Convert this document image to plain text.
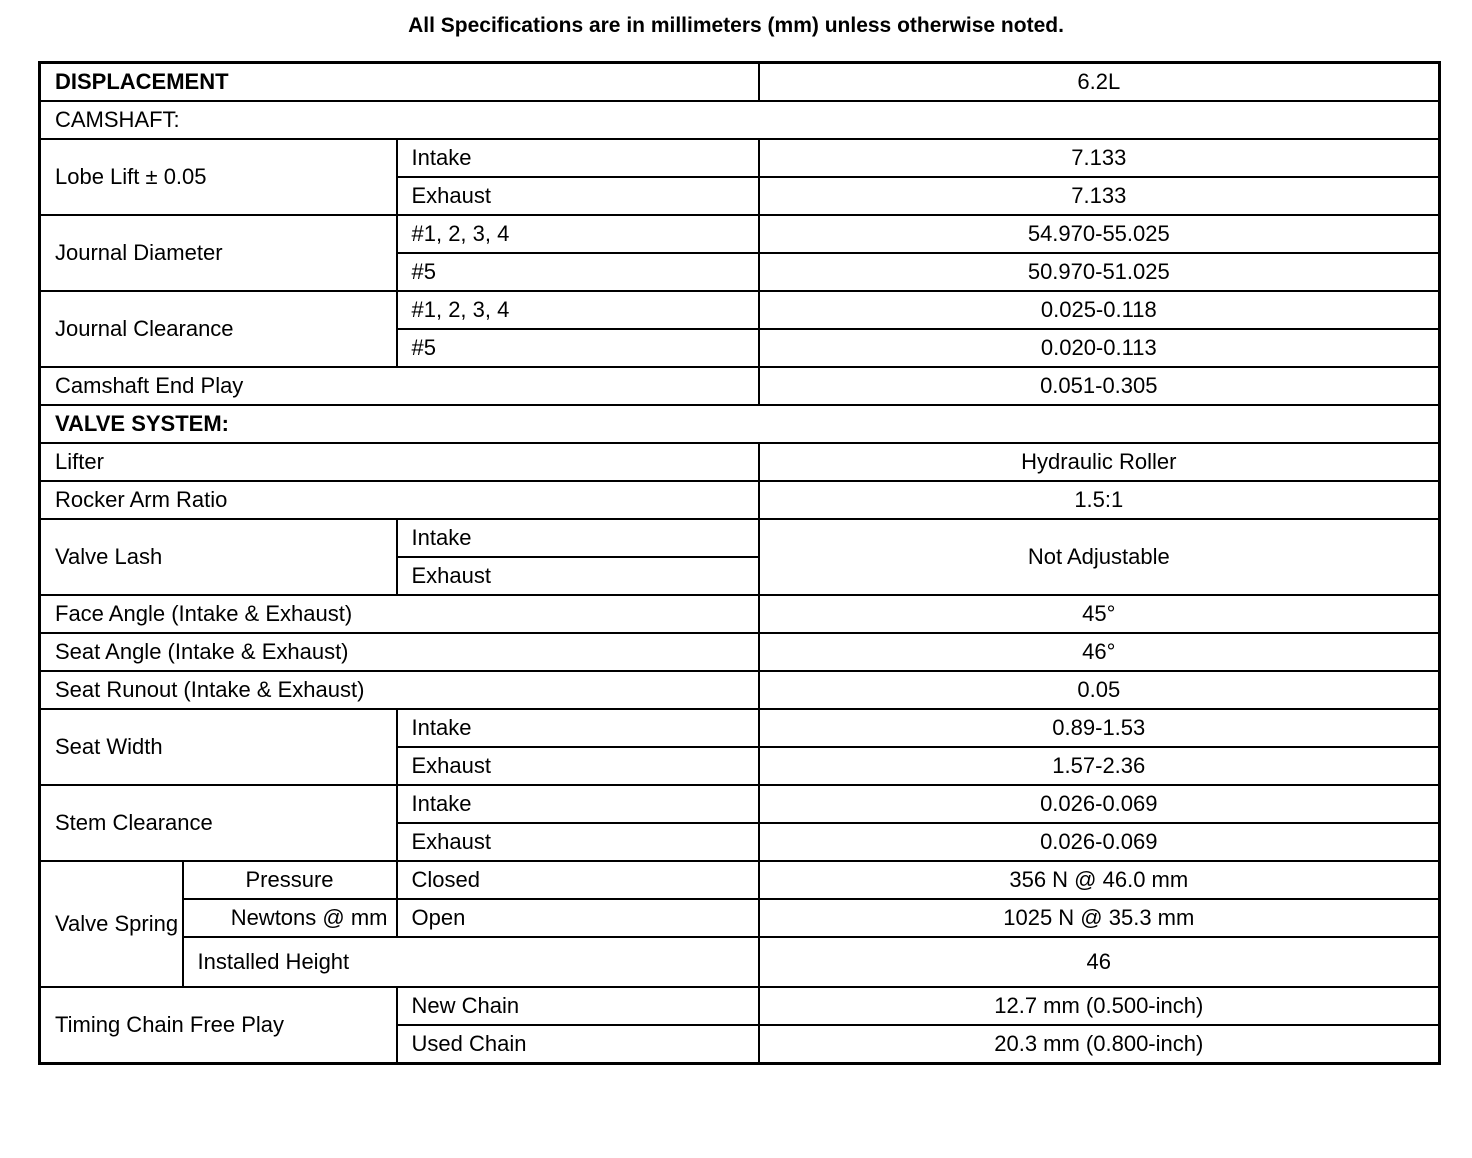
All Specifications are in millimeters (mm) unless otherwise noted.
DISPLACEMENT			6.2L
CAMSHAFT:			
Lobe Lift ± 0.05		Intake	7.133
		Exhaust	7.133
Journal Diameter		#1, 2, 3, 4	54.970-55.025
		#5	50.970-51.025
Journal Clearance		#1, 2, 3, 4	0.025-0.118
		#5	0.020-0.113
Camshaft End Play			0.051-0.305
VALVE SYSTEM:			
Lifter			Hydraulic Roller
Rocker Arm Ratio			1.5:1
Valve Lash		Intake	Not Adjustable
		Exhaust	
Face Angle (Intake & Exhaust)			45°
Seat Angle (Intake & Exhaust)			46°
Seat Runout (Intake & Exhaust)			0.05
Seat Width		Intake	0.89-1.53
		Exhaust	1.57-2.36
Stem Clearance		Intake	0.026-0.069
		Exhaust	0.026-0.069
Valve Spring	Pressure	Closed	356 N @ 46.0 mm
	Newtons @ mm	Open	1025 N @ 35.3 mm
	Installed Height		46
Timing Chain Free Play		New Chain	12.7 mm (0.500-inch)
		Used Chain	20.3 mm (0.800-inch)
